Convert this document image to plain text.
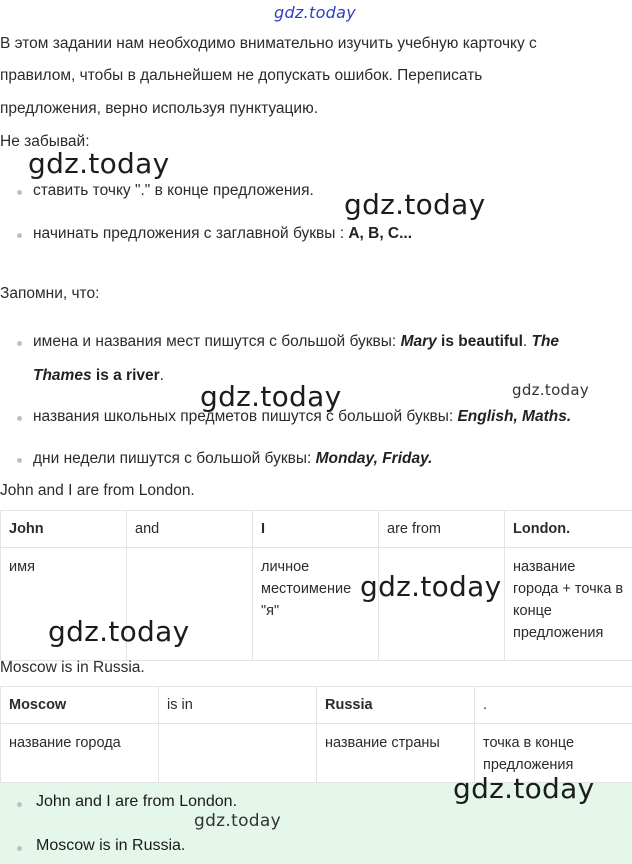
gdz.today
В этом задании нам необходимо внимательно изучить учебную карточку с
правилом, чтобы в дальнейшем не допускать ошибок. Переписать
предложения, верно используя пунктуацию.
Не забывай:
gdz.today
ставить точку "." в конце предложения. gdz.today
начинать предложения с заглавной буквы : A, B, C...
Запомни, что:
имена и названия мест пишутся с большой буквы: Mary is beautiful. The
Thames is a river.
gdz.today	gdz.today
названия школьных предметов пишутся с большой буквы: English, Maths.
дни недели пишутся с большой буквы: Monday, Friday.
John and I are from London.
John	and	I	are from	London.
имя		личное местоимение "я"		название города + точка в конце предложения
gdz.today
gdz.today
Moscow is in Russia.
Moscow	is in	Russia	.
название города		название страны	точка в конце предложения
John and I are from London.
Moscow is in Russia.
gdz.today
gdz.today
